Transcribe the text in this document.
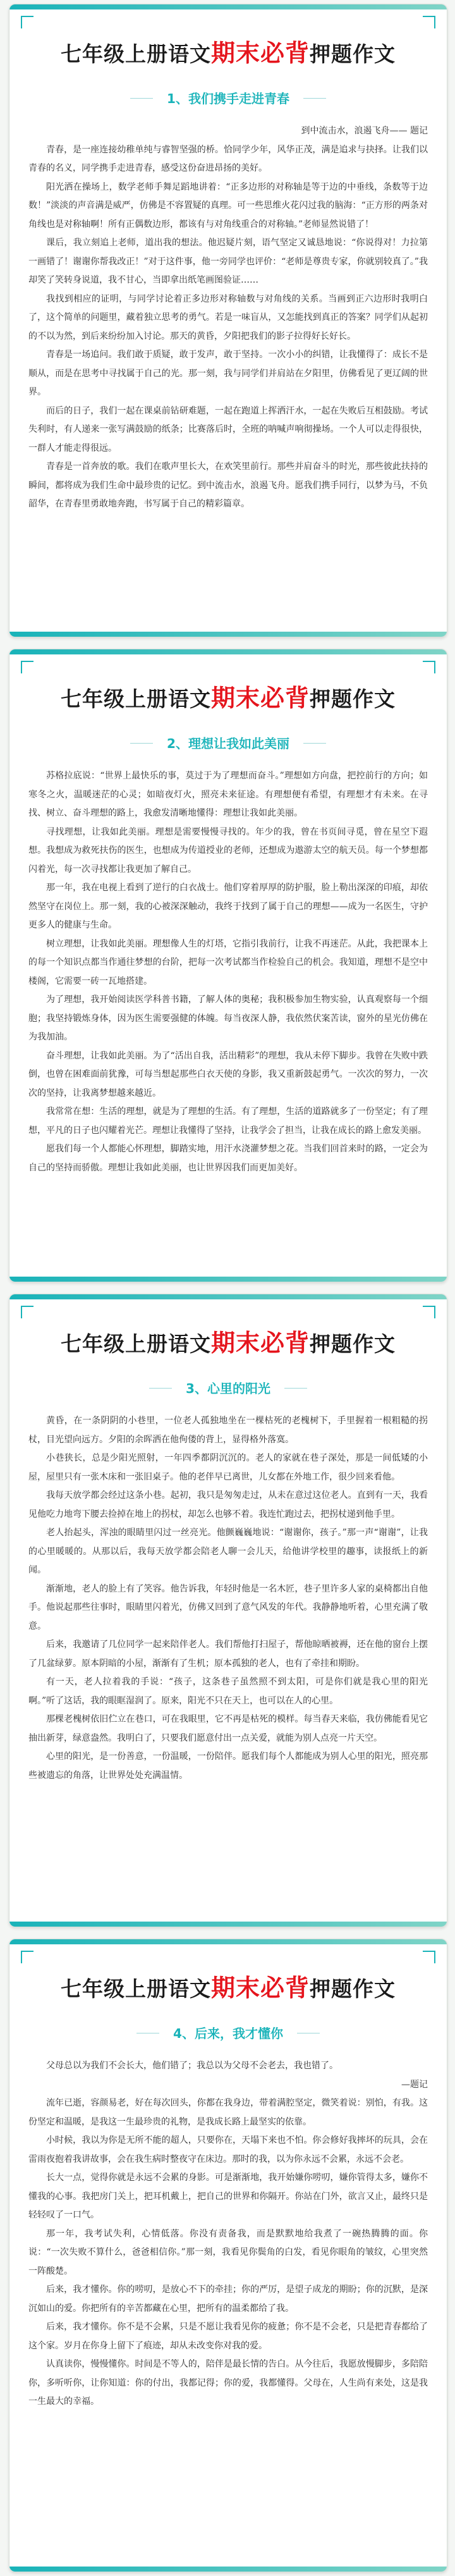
七年级上册语文期末必背押题作文
1、我们携手走进青春

到中流击水，浪遏飞舟—— 题记

青春，是一座连接幼稚单纯与睿智坚强的桥。恰同学少年，风华正茂，满是追求与抉择。让我们以青春的名义，同学携手走进青春，感受这份奋进昂扬的美好。

阳光洒在操场上，数学老师手舞足蹈地讲着：“正多边形的对称轴是等于边的中垂线，条数等于边数！”淡淡的声音满是威严，仿佛是不容置疑的真理。可一些思维火花闪过我的脑海：“正方形的两条对角线也是对称轴啊！所有正偶数边形，都该有与对角线重合的对称轴。”老师显然说错了！

课后，我立刻追上老师，道出我的想法。他迟疑片刻，语气坚定又诚恳地说：“你说得对！力拉第一画错了！谢谢你帮我改正！”对于这件事，他一旁同学也评价：“老师是尊贵专家，你就别较真了。”我却笑了笑转身说道，我不甘心，当即拿出纸笔画图验证……

我找到相应的证明，与同学讨论着正多边形对称轴数与对角线的关系。当画到正六边形时我明白了，这个简单的问题里，藏着独立思考的勇气。若是一味盲从，又怎能找到真正的答案？同学们从起初的不以为然，到后来纷纷加入讨论。那天的黄昏，夕阳把我们的影子拉得好长好长。

青春是一场追问。我们敢于质疑，敢于发声，敢于坚持。一次小小的纠错，让我懂得了：成长不是顺从，而是在思考中寻找属于自己的光。那一刻，我与同学们并肩站在夕阳里，仿佛看见了更辽阔的世界。

而后的日子，我们一起在课桌前钻研难题，一起在跑道上挥洒汗水，一起在失败后互相鼓励。考试失利时，有人递来一张写满鼓励的纸条；比赛落后时，全班的呐喊声响彻操场。一个人可以走得很快，一群人才能走得很远。

青春是一首奔放的歌。我们在歌声里长大，在欢笑里前行。那些并肩奋斗的时光，那些彼此扶持的瞬间，都将成为我们生命中最珍贵的记忆。到中流击水，浪遏飞舟。愿我们携手同行，以梦为马，不负韶华，在青春里勇敢地奔跑，书写属于自己的精彩篇章。

七年级上册语文期末必背押题作文
2、理想让我如此美丽

苏格拉底说：“世界上最快乐的事，莫过于为了理想而奋斗。”理想如方向盘，把控前行的方向；如寒冬之火，温暖迷茫的心灵；如暗夜灯火，照亮未来征途。有理想便有希望，有理想才有未来。在寻找、树立、奋斗理想的路上，我愈发清晰地懂得：理想让我如此美丽。

寻找理想，让我如此美丽。理想是需要慢慢寻找的。年少的我，曾在书页间寻觅，曾在星空下遐想。我想成为救死扶伤的医生，也想成为传道授业的老师，还想成为遨游太空的航天员。每一个梦想都闪着光，每一次寻找都让我更加了解自己。

那一年，我在电视上看到了逆行的白衣战士。他们穿着厚厚的防护服，脸上勒出深深的印痕，却依然坚守在岗位上。那一刻，我的心被深深触动，我终于找到了属于自己的理想——成为一名医生，守护更多人的健康与生命。

树立理想，让我如此美丽。理想像人生的灯塔，它指引我前行，让我不再迷茫。从此，我把课本上的每一个知识点都当作通往梦想的台阶，把每一次考试都当作检验自己的机会。我知道，理想不是空中楼阁，它需要一砖一瓦地搭建。

为了理想，我开始阅读医学科普书籍，了解人体的奥秘；我积极参加生物实验，认真观察每一个细胞；我坚持锻炼身体，因为医生需要强健的体魄。每当夜深人静，我依然伏案苦读，窗外的星光仿佛在为我加油。

奋斗理想，让我如此美丽。为了“活出自我，活出精彩”的理想，我从未停下脚步。我曾在失败中跌倒，也曾在困难面前犹豫，可每当想起那些白衣天使的身影，我又重新鼓起勇气。一次次的努力，一次次的坚持，让我离梦想越来越近。

我常常在想：生活的理想，就是为了理想的生活。有了理想，生活的道路就多了一份坚定；有了理想，平凡的日子也闪耀着光芒。理想让我懂得了坚持，让我学会了担当，让我在成长的路上愈发美丽。

愿我们每一个人都能心怀理想，脚踏实地，用汗水浇灌梦想之花。当我们回首来时的路，一定会为自己的坚持而骄傲。理想让我如此美丽，也让世界因我们而更加美好。

七年级上册语文期末必背押题作文
3、心里的阳光

黄昏，在一条阴阴的小巷里，一位老人孤独地坐在一棵枯死的老槐树下，手里握着一根粗糙的拐杖，目光望向远方。夕阳的余晖洒在他佝偻的背上，显得格外落寞。

小巷狭长，总是少阳光照射，一年四季都阴沉沉的。老人的家就在巷子深处，那是一间低矮的小屋，屋里只有一张木床和一张旧桌子。他的老伴早已离世，儿女都在外地工作，很少回来看他。

我每天放学都会经过这条小巷。起初，我只是匆匆走过，从未在意过这位老人。直到有一天，我看见他吃力地弯下腰去捡掉在地上的拐杖，却怎么也够不着。我连忙跑过去，把拐杖递到他手里。

老人抬起头，浑浊的眼睛里闪过一丝亮光。他颤巍巍地说：“谢谢你，孩子。”那一声“谢谢”，让我的心里暖暖的。从那以后，我每天放学都会陪老人聊一会儿天，给他讲学校里的趣事，读报纸上的新闻。

渐渐地，老人的脸上有了笑容。他告诉我，年轻时他是一名木匠，巷子里许多人家的桌椅都出自他手。他说起那些往事时，眼睛里闪着光，仿佛又回到了意气风发的年代。我静静地听着，心里充满了敬意。

后来，我邀请了几位同学一起来陪伴老人。我们帮他打扫屋子，帮他晾晒被褥，还在他的窗台上摆了几盆绿萝。原本阴暗的小屋，渐渐有了生机；原本孤独的老人，也有了牵挂和期盼。

有一天，老人拉着我的手说：“孩子，这条巷子虽然照不到太阳，可是你们就是我心里的阳光啊。”听了这话，我的眼眶湿润了。原来，阳光不只在天上，也可以在人的心里。

那棵老槐树依旧伫立在巷口，可在我眼里，它不再是枯死的模样。每当春天来临，我仿佛能看见它抽出新芽，绿意盎然。我明白了，只要我们愿意付出一点关爱，就能为别人点亮一片天空。

心里的阳光，是一份善意，一份温暖，一份陪伴。愿我们每个人都能成为别人心里的阳光，照亮那些被遗忘的角落，让世界处处充满温情。

七年级上册语文期末必背押题作文
4、后来，我才懂你

父母总以为我们不会长大，他们错了；我总以为父母不会老去，我也错了。

—题记

流年已逝，容颜易老，好在每次回头，你都在我身边，带着满腔坚定，微笑着说：别怕，有我。这份坚定和温暖，是我这一生最珍贵的礼物，是我成长路上最坚实的依靠。

小时候，我以为你是无所不能的超人，只要你在，天塌下来也不怕。你会修好我摔坏的玩具，会在雷雨夜抱着我讲故事，会在我生病时整夜守在床边。那时的我，以为你永远不会累，永远不会老。

长大一点，觉得你就是永远不会累的身影。可是渐渐地，我开始嫌你唠叨，嫌你管得太多，嫌你不懂我的心事。我把房门关上，把耳机戴上，把自己的世界和你隔开。你站在门外，欲言又止，最终只是轻轻叹了一口气。

那一年，我考试失利，心情低落。你没有责备我，而是默默地给我煮了一碗热腾腾的面。你说：“一次失败不算什么，爸爸相信你。”那一刻，我看见你鬓角的白发，看见你眼角的皱纹，心里突然一阵酸楚。

后来，我才懂你。你的唠叨，是放心不下的牵挂；你的严厉，是望子成龙的期盼；你的沉默，是深沉如山的爱。你把所有的辛苦都藏在心里，把所有的温柔都给了我。

后来，我才懂你。你不是不会累，只是不愿让我看见你的疲惫；你不是不会老，只是把青春都给了这个家。岁月在你身上留下了痕迹，却从未改变你对我的爱。

认真读你，慢慢懂你。时间是不等人的，陪伴是最长情的告白。从今往后，我愿放慢脚步，多陪陪你，多听听你，让你知道：你的付出，我都记得；你的爱，我都懂得。父母在，人生尚有来处，这是我一生最大的幸福。
